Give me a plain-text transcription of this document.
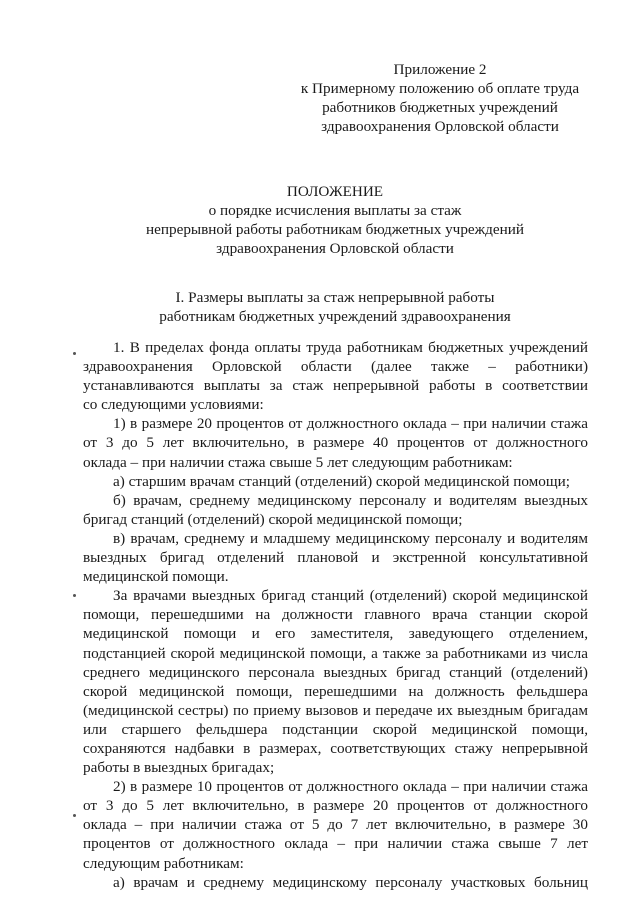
Приложение 2
к Примерному положению об оплате труда
работников бюджетных учреждений
здравоохранения Орловской области
ПОЛОЖЕНИЕ
о порядке исчисления выплаты за стаж
непрерывной работы работникам бюджетных учреждений
здравоохранения Орловской области
I. Размеры выплаты за стаж непрерывной работы
работникам бюджетных учреждений здравоохранения
1. В пределах фонда оплаты труда работникам бюджетных учреждений
здравоохранения Орловской области (далее также – работники)
устанавливаются выплаты за стаж непрерывной работы в соответствии
со следующими условиями:
1) в размере 20 процентов от должностного оклада – при наличии стажа
от 3 до 5 лет включительно, в размере 40 процентов от должностного
оклада – при наличии стажа свыше 5 лет следующим работникам:
а) старшим врачам станций (отделений) скорой медицинской помощи;
б) врачам, среднему медицинскому персоналу и водителям выездных
бригад станций (отделений) скорой медицинской помощи;
в) врачам, среднему и младшему медицинскому персоналу и водителям
выездных бригад отделений плановой и экстренной консультативной
медицинской помощи.
За врачами выездных бригад станций (отделений) скорой медицинской
помощи, перешедшими на должности главного врача станции скорой
медицинской помощи и его заместителя, заведующего отделением,
подстанцией скорой медицинской помощи, а также за работниками из числа
среднего медицинского персонала выездных бригад станций (отделений)
скорой медицинской помощи, перешедшими на должность фельдшера
(медицинской сестры) по приему вызовов и передаче их выездным бригадам
или старшего фельдшера подстанции скорой медицинской помощи,
сохраняются надбавки в размерах, соответствующих стажу непрерывной
работы в выездных бригадах;
2) в размере 10 процентов от должностного оклада – при наличии стажа
от 3 до 5 лет включительно, в размере 20 процентов от должностного
оклада – при наличии стажа от 5 до 7 лет включительно, в размере 30
процентов от должностного оклада – при наличии стажа свыше 7 лет
следующим работникам:
а) врачам и среднему медицинскому персоналу участковых больниц
